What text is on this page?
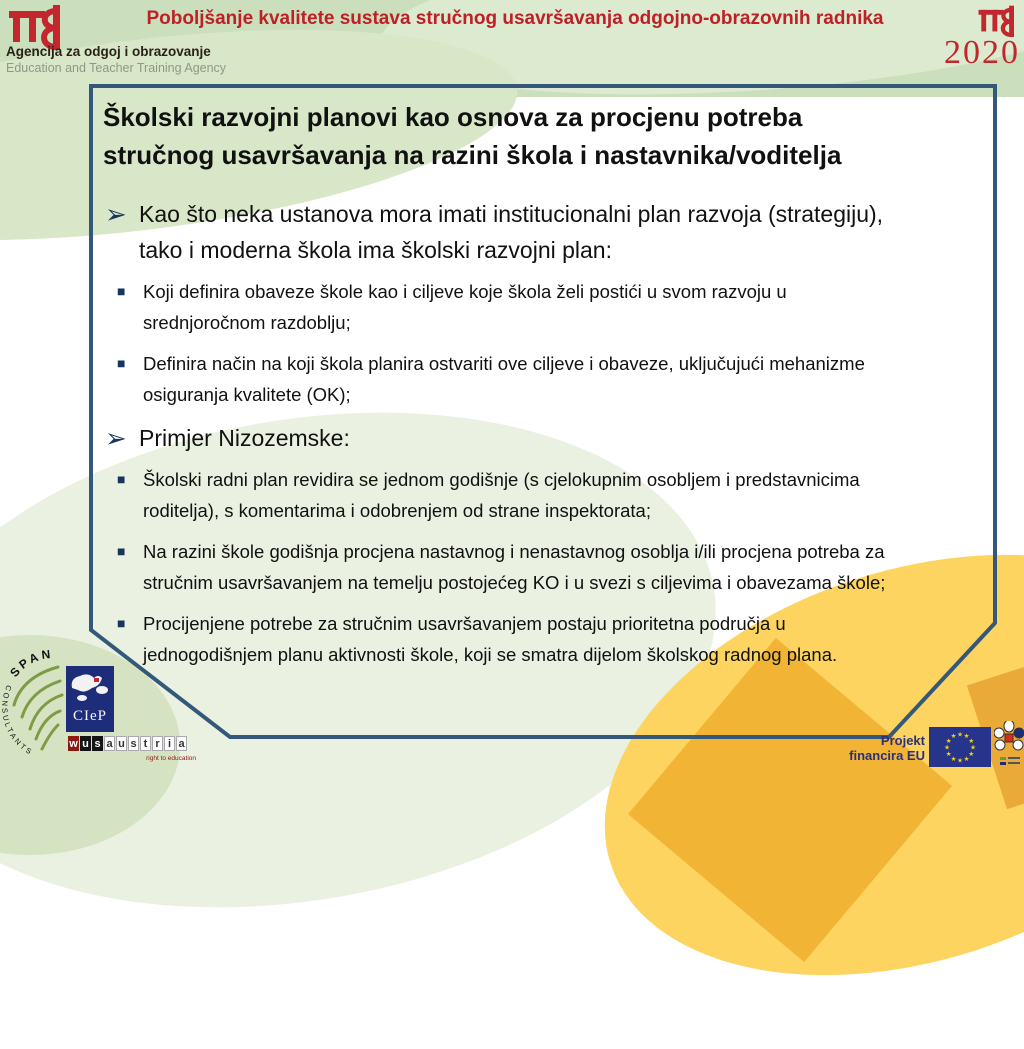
Agencija za odgoj i obrazovanje
Education and Teacher Training Agency
Poboljšanje kvalitete sustava stručnog usavršavanja odgojno-obrazovnih radnika
2020
Školski razvojni planovi kao osnova za procjenu potreba stručnog usavršavanja na razini škola i nastavnika/voditelja
➢ Kao što neka ustanova mora imati institucionalni plan razvoja (strategiju), tako i moderna škola ima školski razvojni plan:
■ Koji definira obaveze škole kao i ciljeve koje škola želi postići u svom razvoju u srednjoročnom razdoblju;
■ Definira način na koji škola planira ostvariti ove ciljeve i obaveze, uključujući mehanizme osiguranja kvalitete (OK);
➢ Primjer Nizozemske:
■ Školski radni plan revidira se jednom godišnje (s cjelokupnim osobljem i predstavnicima roditelja), s komentarima i odobrenjem od strane inspektorata;
■ Na razini škole godišnja procjena nastavnog i nenastavnog osoblja i/ili procjena potreba za stručnim usavršavanjem na temelju postojećeg KO i u svezi s ciljevima i obavezama škole;
■ Procijenjene potrebe za stručnim usavršavanjem postaju prioritetna područja u jednogodišnjem planu aktivnosti škole, koji se smatra dijelom školskog radnog plana.
SPAN
CONSULTANTS
CIeP
w u s a u s t r i a
right to education
Projekt
financira EU
★
★
★
★
★
★
★
★
★ ★ ★
★
